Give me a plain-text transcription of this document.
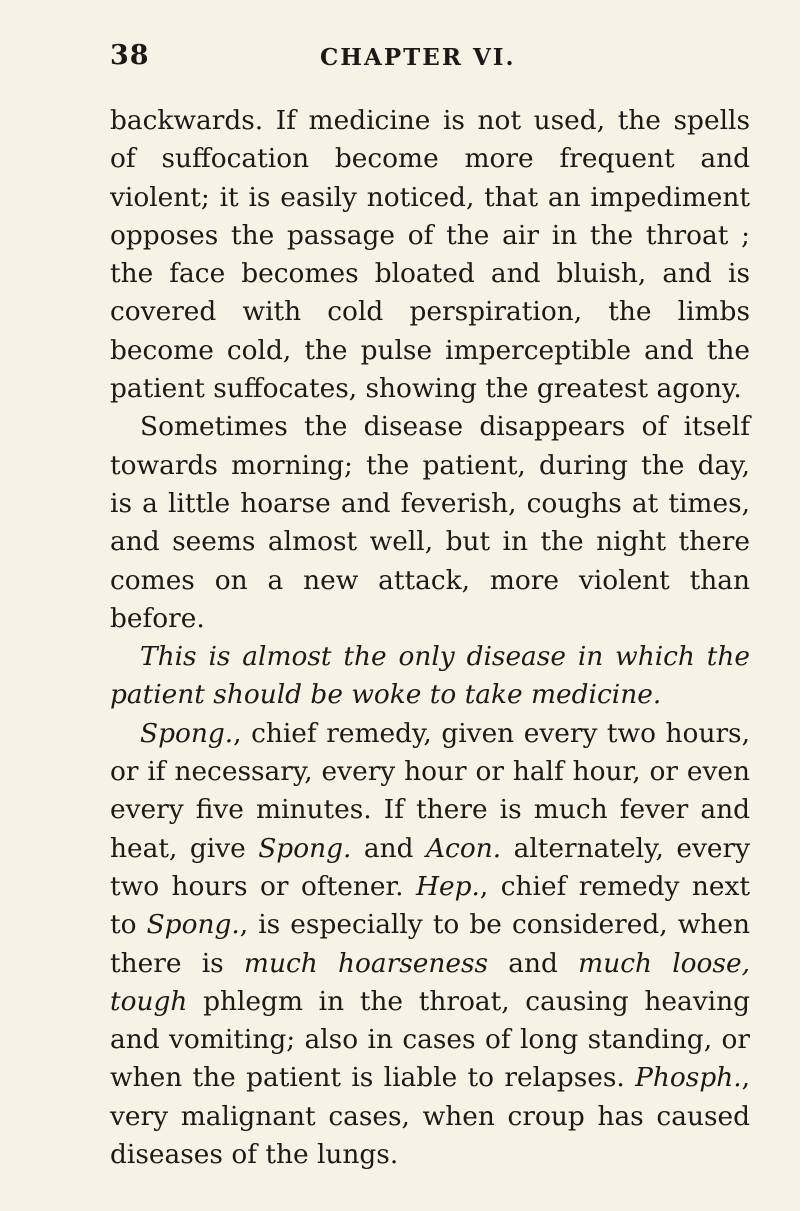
38	CHAPTER VI.

backwards. If medicine is not used, the spells of suffocation become more frequent and violent; it is easily noticed, that an impediment opposes the passage of the air in the throat ; the face becomes bloated and bluish, and is covered with cold perspiration, the limbs become cold, the pulse imperceptible and the patient suffocates, showing the greatest agony.

Sometimes the disease disappears of itself towards morning; the patient, during the day, is a little hoarse and feverish, coughs at times, and seems almost well, but in the night there comes on a new attack, more violent than before.

This is almost the only disease in which the patient should be woke to take medicine.

Spong., chief remedy, given every two hours, or if necessary, every hour or half hour, or even every five minutes. If there is much fever and heat, give Spong. and Acon. alternately, every two hours or oftener. Hep., chief remedy next to Spong., is especially to be considered, when there is much hoarseness and much loose, tough phlegm in the throat, causing heaving and vomiting; also in cases of long standing, or when the patient is liable to relapses. Phosph., very malignant cases, when croup has caused diseases of the lungs.
